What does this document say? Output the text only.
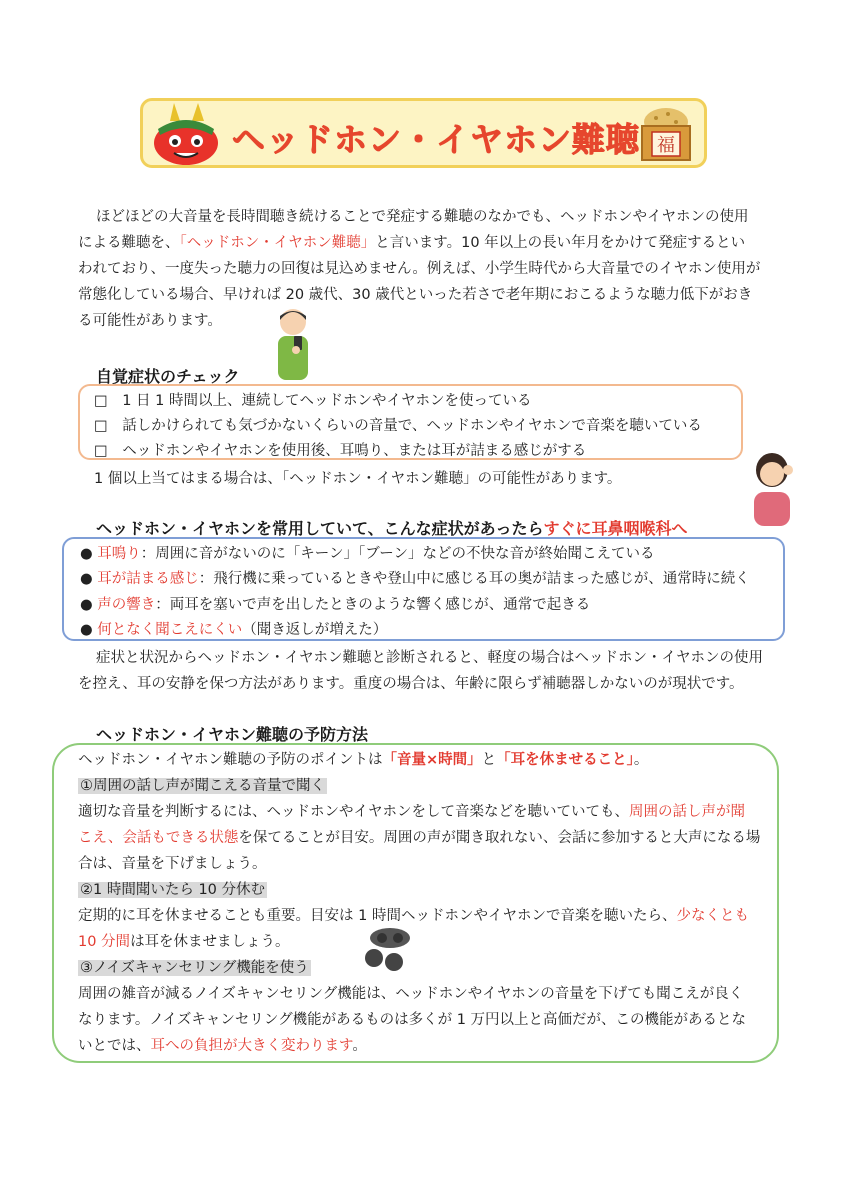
ヘッドホン・イヤホン難聴 福
ほどほどの大音量を長時間聴き続けることで発症する難聴のなかでも、ヘッドホンやイヤホンの使用
による難聴を、「ヘッドホン・イヤホン難聴」と言います。10 年以上の長い年月をかけて発症するとい
われており、一度失った聴力の回復は見込めません。例えば、小学生時代から大音量でのイヤホン使用が
常態化している場合、早ければ 20 歳代、30 歳代といった若さで老年期におこるような聴力低下がおき
る可能性があります。
自覚症状のチェック
□　1 日 1 時間以上、連続してヘッドホンやイヤホンを使っている
□　話しかけられても気づかないくらいの音量で、ヘッドホンやイヤホンで音楽を聴いている
□　ヘッドホンやイヤホンを使用後、耳鳴り、または耳が詰まる感じがする
1 個以上当てはまる場合は、「ヘッドホン・イヤホン難聴」の可能性があります。
ヘッドホン・イヤホンを常用していて、こんな症状があったらすぐに耳鼻咽喉科へ
● 耳鳴り：周囲に音がないのに「キーン」「ブーン」などの不快な音が終始聞こえている
● 耳が詰まる感じ：飛行機に乗っているときや登山中に感じる耳の奥が詰まった感じが、通常時に続く
● 声の響き：両耳を塞いで声を出したときのような響く感じが、通常で起きる
● 何となく聞こえにくい（聞き返しが増えた）
症状と状況からヘッドホン・イヤホン難聴と診断されると、軽度の場合はヘッドホン・イヤホンの使用
を控え、耳の安静を保つ方法があります。重度の場合は、年齢に限らず補聴器しかないのが現状です。
ヘッドホン・イヤホン難聴の予防方法
ヘッドホン・イヤホン難聴の予防のポイントは「音量×時間」と「耳を休ませること」。
①周囲の話し声が聞こえる音量で聞く
適切な音量を判断するには、ヘッドホンやイヤホンをして音楽などを聴いていても、周囲の話し声が聞
こえ、会話もできる状態を保てることが目安。周囲の声が聞き取れない、会話に参加すると大声になる場
合は、音量を下げましょう。
②1 時間聞いたら 10 分休む
定期的に耳を休ませることも重要。目安は 1 時間ヘッドホンやイヤホンで音楽を聴いたら、少なくとも
10 分間は耳を休ませましょう。
③ノイズキャンセリング機能を使う
周囲の雑音が減るノイズキャンセリング機能は、ヘッドホンやイヤホンの音量を下げても聞こえが良く
なります。ノイズキャンセリング機能があるものは多くが 1 万円以上と高価だが、この機能があるとな
いとでは、耳への負担が大きく変わります。
